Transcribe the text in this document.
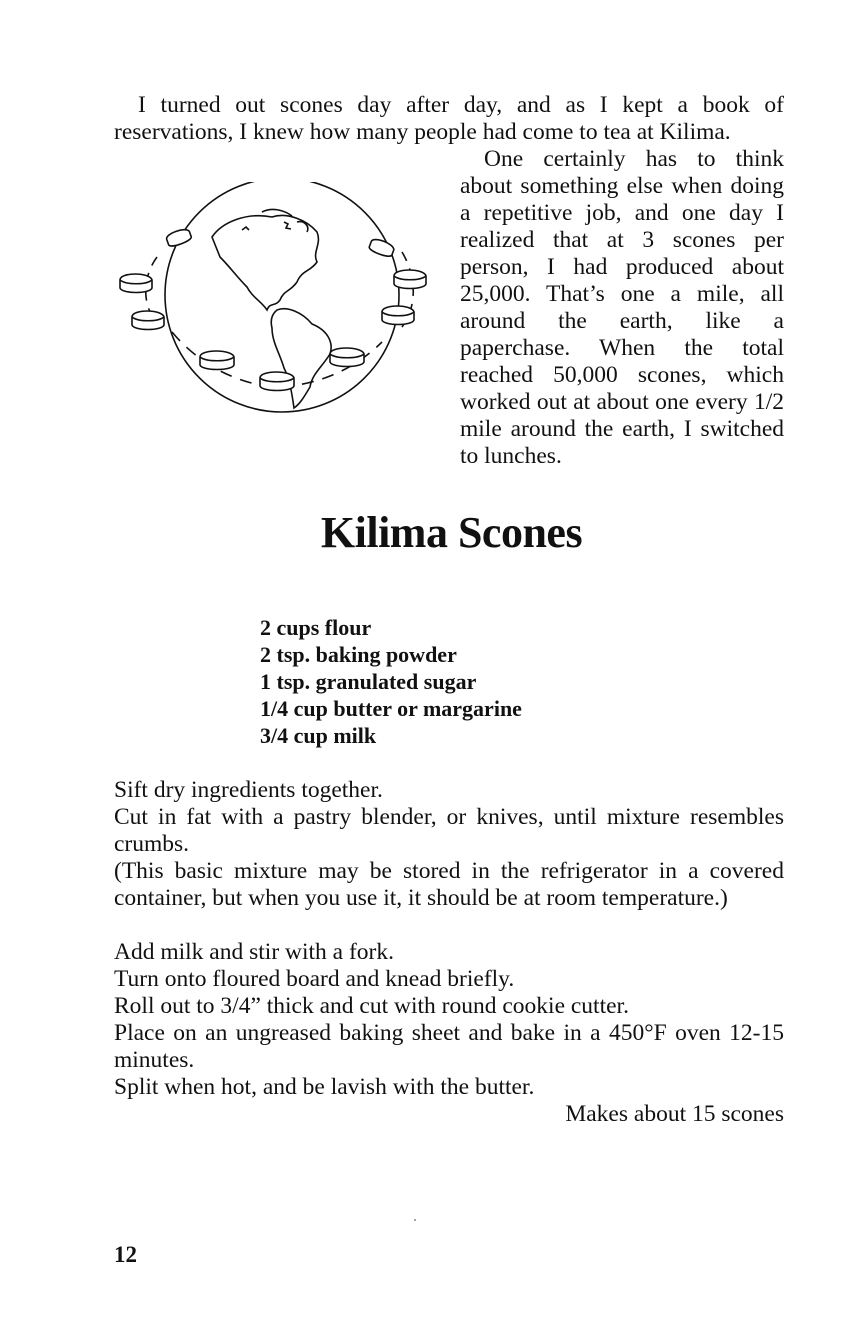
I turned out scones day after day, and as I kept a book of reservations, I knew how many people had come to tea at Kilima.

One certainly has to think about something else when doing a repetitive job, and one day I realized that at 3 scones per person, I had produced about 25,000. That’s one a mile, all around the earth, like a paperchase. When the total reached 50,000 scones, which worked out at about one every 1/2 mile around the earth, I switched to lunches.

Kilima Scones
2 cups flour
2 tsp. baking powder
1 tsp. granulated sugar
1/4 cup butter or margarine
3/4 cup milk

Sift dry ingredients together.

Cut in fat with a pastry blender, or knives, until mixture resembles crumbs.

(This basic mixture may be stored in the refrigerator in a covered container, but when you use it, it should be at room temperature.)

Add milk and stir with a fork.

Turn onto floured board and knead briefly.

Roll out to 3/4” thick and cut with round cookie cutter.

Place on an ungreased baking sheet and bake in a 450°F oven 12-15 minutes.

Split when hot, and be lavish with the butter.

Makes about 15 scones

12
